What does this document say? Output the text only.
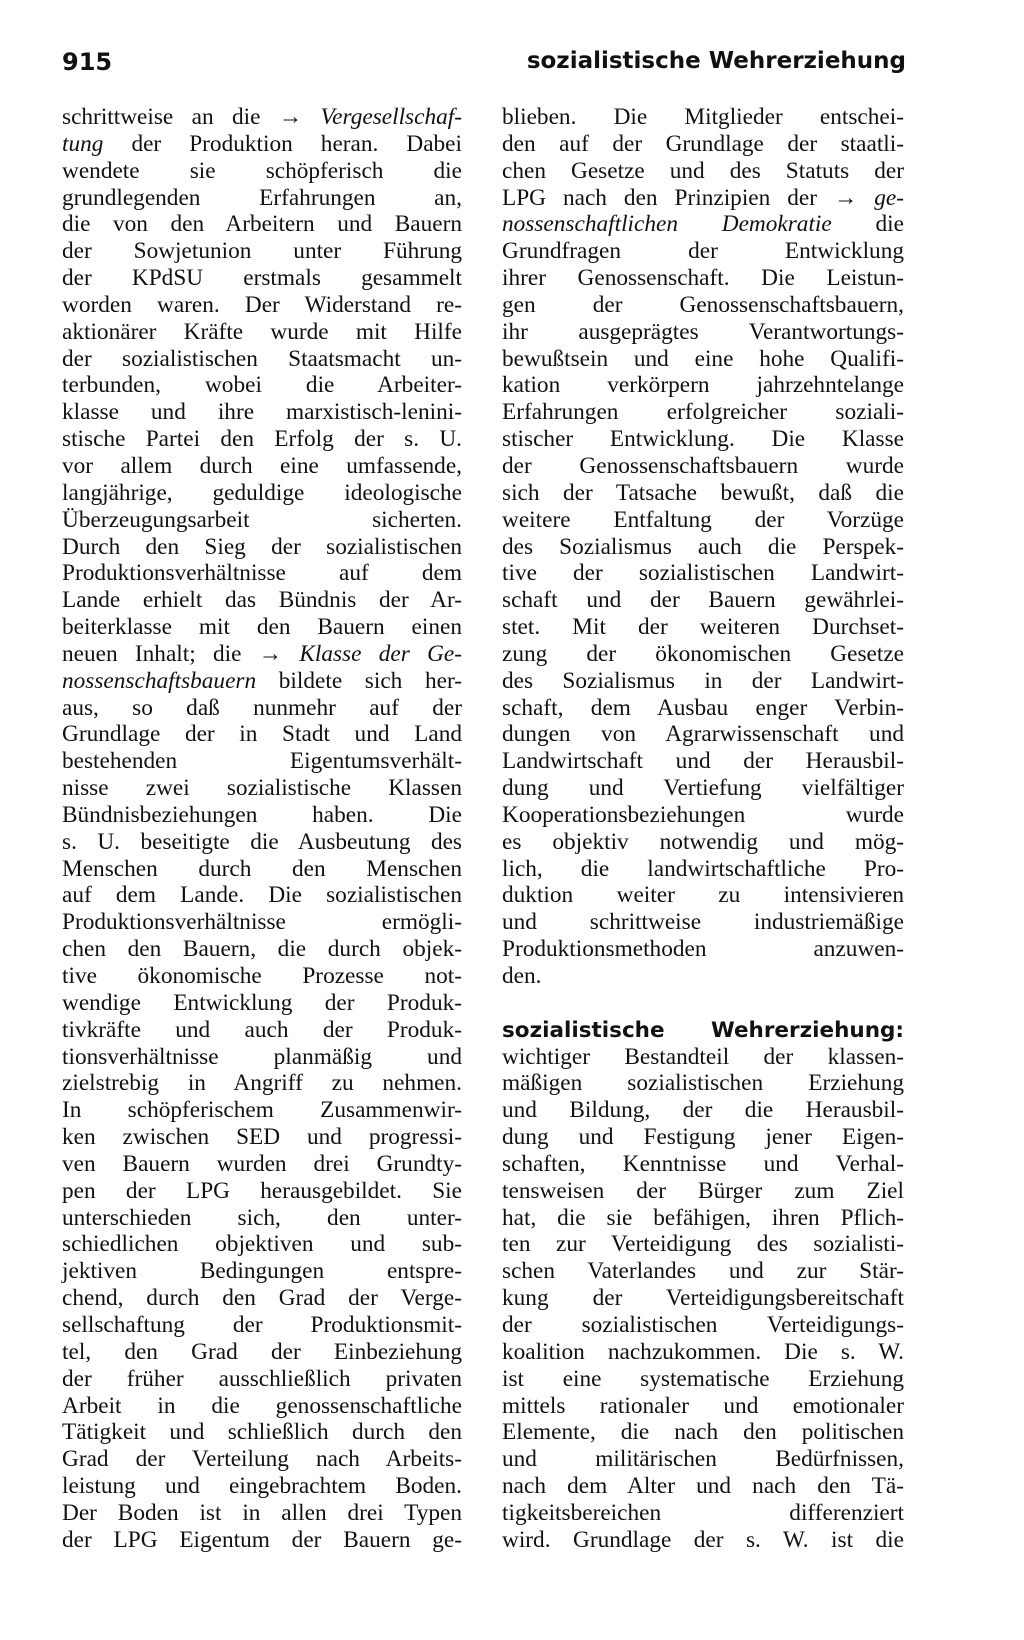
915	sozialistische Wehrerziehung
schrittweise an die → Vergesellschaf-
tung der Produktion heran. Dabei
wendete sie schöpferisch die
grundlegenden Erfahrungen an,
die von den Arbeitern und Bauern
der Sowjetunion unter Führung
der KPdSU erstmals gesammelt
worden waren. Der Widerstand re-
aktionärer Kräfte wurde mit Hilfe
der sozialistischen Staatsmacht un-
terbunden, wobei die Arbeiter-
klasse und ihre marxistisch-lenini-
stische Partei den Erfolg der s. U.
vor allem durch eine umfassende,
langjährige, geduldige ideologische
Überzeugungsarbeit sicherten.
Durch den Sieg der sozialistischen
Produktionsverhältnisse auf dem
Lande erhielt das Bündnis der Ar-
beiterklasse mit den Bauern einen
neuen Inhalt; die → Klasse der Ge-
nossenschaftsbauern bildete sich her-
aus, so daß nunmehr auf der
Grundlage der in Stadt und Land
bestehenden Eigentumsverhält-
nisse zwei sozialistische Klassen
Bündnisbeziehungen haben. Die
s. U. beseitigte die Ausbeutung des
Menschen durch den Menschen
auf dem Lande. Die sozialistischen
Produktionsverhältnisse ermögli-
chen den Bauern, die durch objek-
tive ökonomische Prozesse not-
wendige Entwicklung der Produk-
tivkräfte und auch der Produk-
tionsverhältnisse planmäßig und
zielstrebig in Angriff zu nehmen.
In schöpferischem Zusammenwir-
ken zwischen SED und progressi-
ven Bauern wurden drei Grundty-
pen der LPG herausgebildet. Sie
unterschieden sich, den unter-
schiedlichen objektiven und sub-
jektiven Bedingungen entspre-
chend, durch den Grad der Verge-
sellschaftung der Produktionsmit-
tel, den Grad der Einbeziehung
der früher ausschließlich privaten
Arbeit in die genossenschaftliche
Tätigkeit und schließlich durch den
Grad der Verteilung nach Arbeits-
leistung und eingebrachtem Boden.
Der Boden ist in allen drei Typen
der LPG Eigentum der Bauern ge-
blieben. Die Mitglieder entschei-
den auf der Grundlage der staatli-
chen Gesetze und des Statuts der
LPG nach den Prinzipien der → ge-
nossenschaftlichen Demokratie die
Grundfragen der Entwicklung
ihrer Genossenschaft. Die Leistun-
gen der Genossenschaftsbauern,
ihr ausgeprägtes Verantwortungs-
bewußtsein und eine hohe Qualifi-
kation verkörpern jahrzehntelange
Erfahrungen erfolgreicher soziali-
stischer Entwicklung. Die Klasse
der Genossenschaftsbauern wurde
sich der Tatsache bewußt, daß die
weitere Entfaltung der Vorzüge
des Sozialismus auch die Perspek-
tive der sozialistischen Landwirt-
schaft und der Bauern gewährlei-
stet. Mit der weiteren Durchset-
zung der ökonomischen Gesetze
des Sozialismus in der Landwirt-
schaft, dem Ausbau enger Verbin-
dungen von Agrarwissenschaft und
Landwirtschaft und der Herausbil-
dung und Vertiefung vielfältiger
Kooperationsbeziehungen wurde
es objektiv notwendig und mög-
lich, die landwirtschaftliche Pro-
duktion weiter zu intensivieren
und schrittweise industriemäßige
Produktionsmethoden anzuwen-
den.
sozialistische Wehrerziehung:
wichtiger Bestandteil der klassen-
mäßigen sozialistischen Erziehung
und Bildung, der die Herausbil-
dung und Festigung jener Eigen-
schaften, Kenntnisse und Verhal-
tensweisen der Bürger zum Ziel
hat, die sie befähigen, ihren Pflich-
ten zur Verteidigung des sozialisti-
schen Vaterlandes und zur Stär-
kung der Verteidigungsbereitschaft
der sozialistischen Verteidigungs-
koalition nachzukommen. Die s. W.
ist eine systematische Erziehung
mittels rationaler und emotionaler
Elemente, die nach den politischen
und militärischen Bedürfnissen,
nach dem Alter und nach den Tä-
tigkeitsbereichen differenziert
wird. Grundlage der s. W. ist die
